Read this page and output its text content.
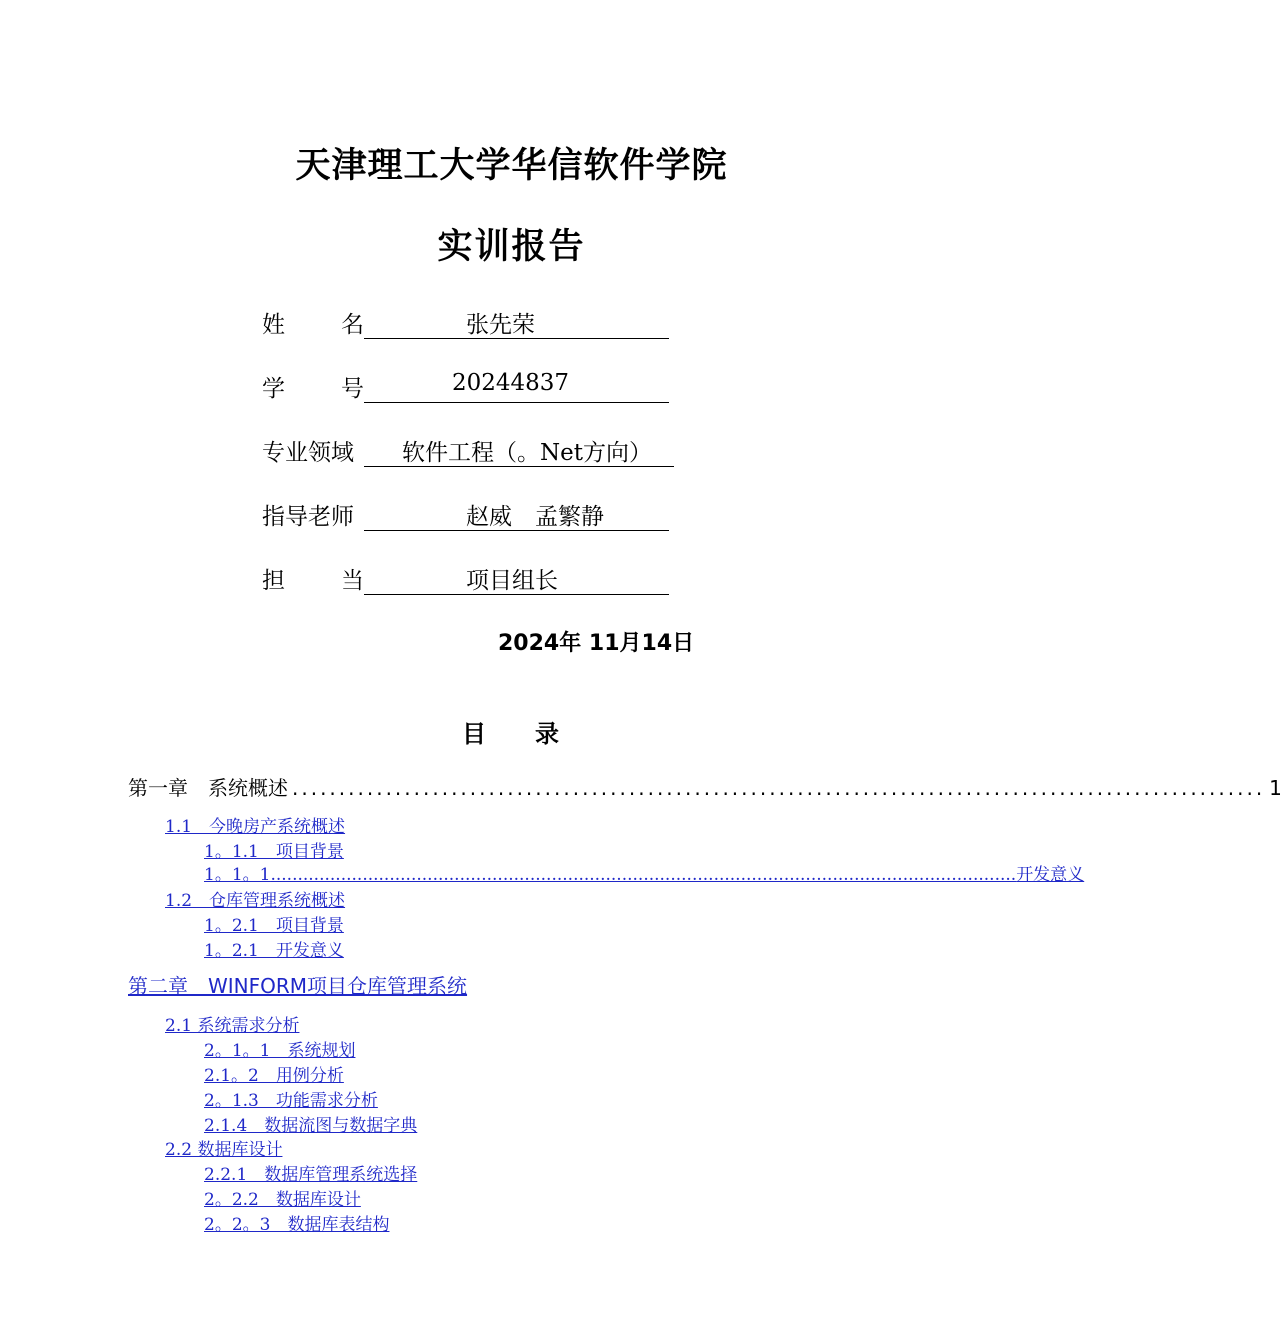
天津理工大学华信软件学院
实训报告
姓 名	张先荣
学 号	20244837
专业领域	软件工程（。Net方向）
指导老师	赵威　孟繁静
担 当	项目组长
2024年 11月14日
目 录
第一章　系统概述 ........................................................................................................ 1
1.1　今晚房产系统概述
1。1.1　项目背景
1。1。1 .......................................................................................................................................... 开发意义
1.2　仓库管理系统概述
1。2.1　项目背景
1。2.1　开发意义
第二章　WINFORM项目仓库管理系统
2.1 系统需求分析
2。1。1　系统规划
2.1。2　用例分析
2。1.3　功能需求分析
2.1.4　数据流图与数据字典
2.2 数据库设计
2.2.1　数据库管理系统选择
2。2.2　数据库设计
2。2。3　数据库表结构
